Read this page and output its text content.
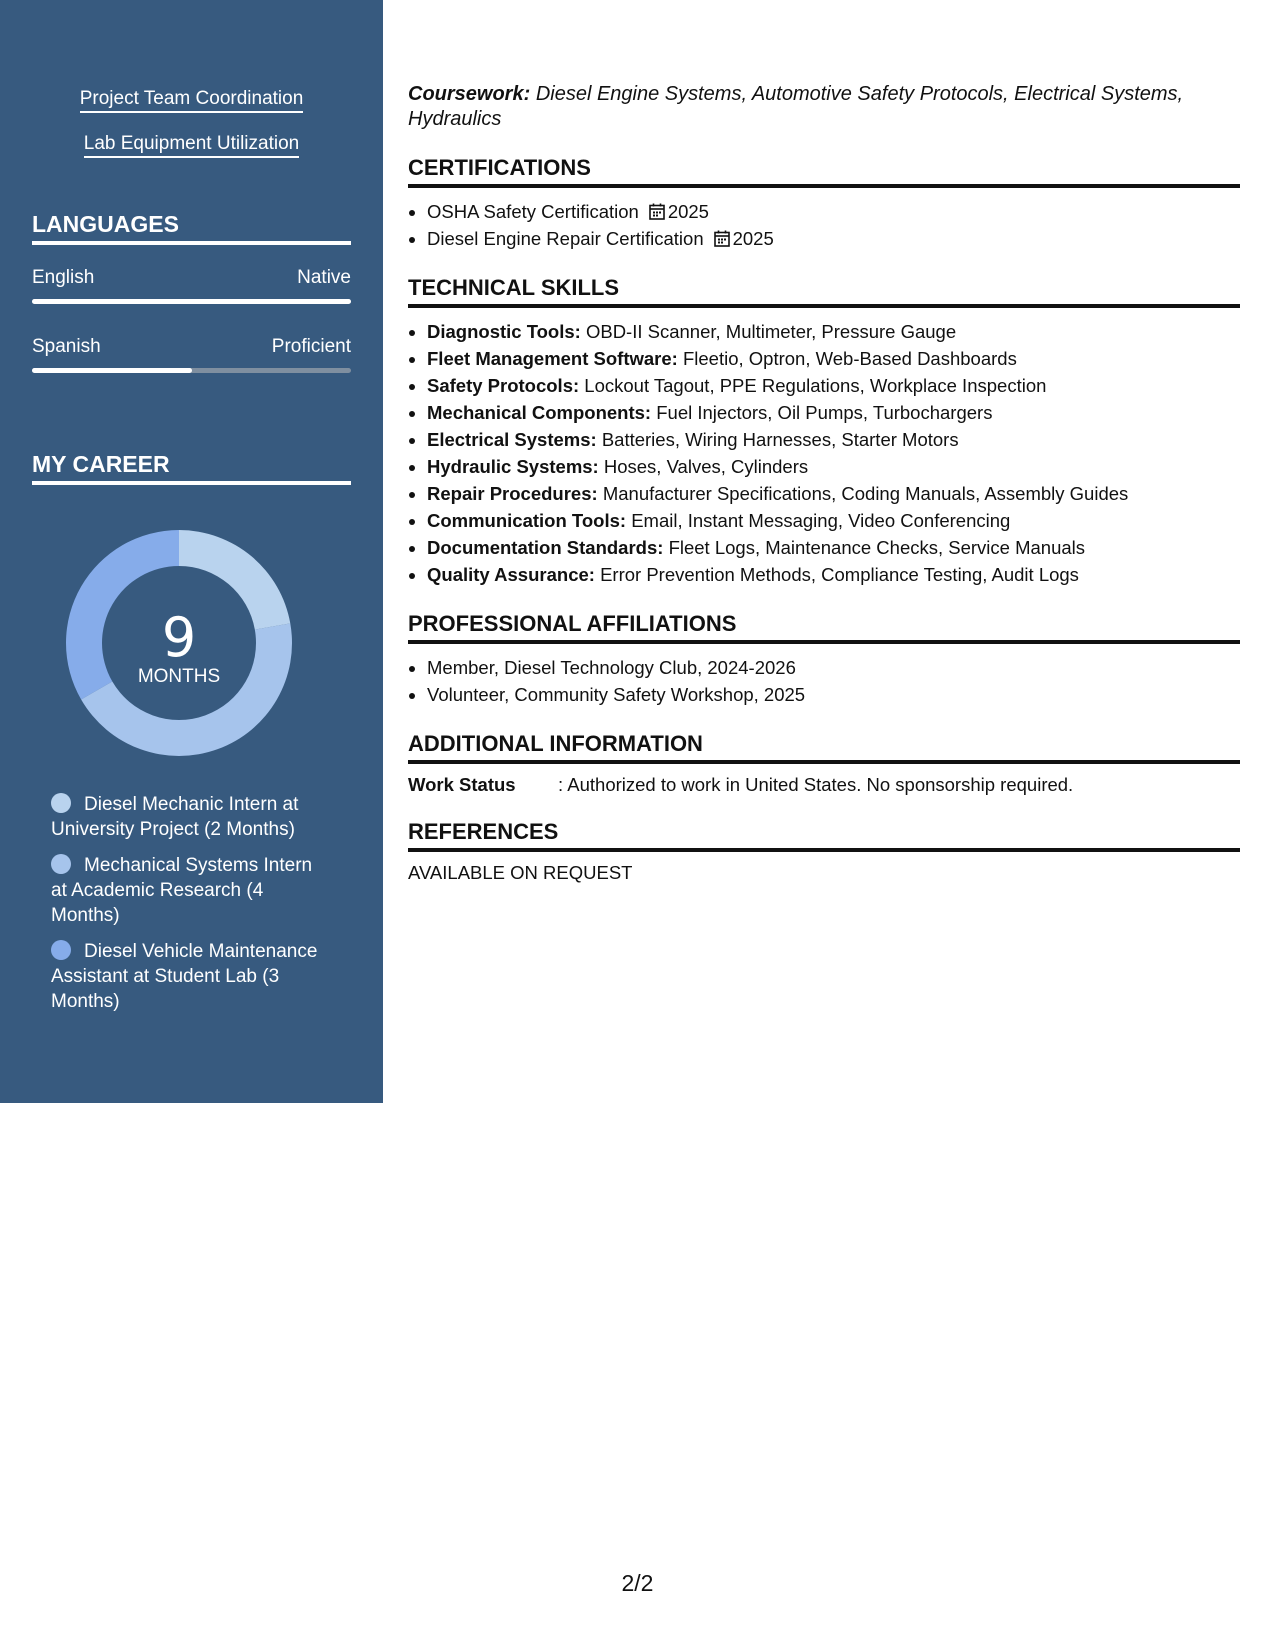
Project Team Coordination
Lab Equipment Utilization
LANGUAGES
English	Native
Spanish	Proficient
MY CAREER
9
MONTHS
Diesel Mechanic Intern at University Project (2 Months)
Mechanical Systems Intern at Academic Research (4 Months)
Diesel Vehicle Maintenance Assistant at Student Lab (3 Months)
Coursework: Diesel Engine Systems, Automotive Safety Protocols, Electrical Systems, Hydraulics
CERTIFICATIONS
• OSHA Safety Certification 2025
• Diesel Engine Repair Certification 2025
TECHNICAL SKILLS
• Diagnostic Tools: OBD-II Scanner, Multimeter, Pressure Gauge
• Fleet Management Software: Fleetio, Optron, Web-Based Dashboards
• Safety Protocols: Lockout Tagout, PPE Regulations, Workplace Inspection
• Mechanical Components: Fuel Injectors, Oil Pumps, Turbochargers
• Electrical Systems: Batteries, Wiring Harnesses, Starter Motors
• Hydraulic Systems: Hoses, Valves, Cylinders
• Repair Procedures: Manufacturer Specifications, Coding Manuals, Assembly Guides
• Communication Tools: Email, Instant Messaging, Video Conferencing
• Documentation Standards: Fleet Logs, Maintenance Checks, Service Manuals
• Quality Assurance: Error Prevention Methods, Compliance Testing, Audit Logs
PROFESSIONAL AFFILIATIONS
• Member, Diesel Technology Club, 2024-2026
• Volunteer, Community Safety Workshop, 2025
ADDITIONAL INFORMATION
Work Status	: Authorized to work in United States. No sponsorship required.
REFERENCES
AVAILABLE ON REQUEST
2/2
